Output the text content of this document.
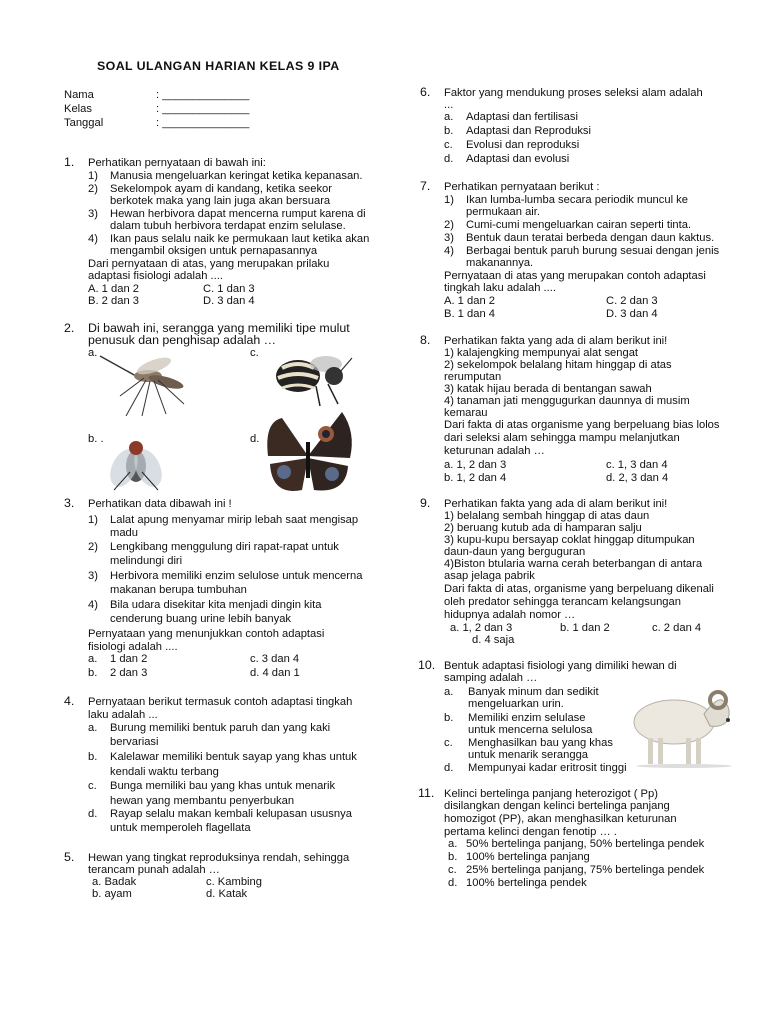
SOAL ULANGAN HARIAN KELAS 9 IPA
Nama	: ______________
Kelas	: ______________
Tanggal	: ______________
1. Perhatikan pernyataan di bawah ini:
1) Manusia mengeluarkan keringat ketika kepanasan.
2) Sekelompok ayam di kandang, ketika seekor
berkotek maka yang lain juga akan bersuara
3) Hewan herbivora dapat mencerna rumput karena di
dalam tubuh herbivora terdapat enzim selulase.
4) Ikan paus selalu naik ke permukaan laut ketika akan
mengambil oksigen untuk pernapasannya
Dari pernyataan di atas, yang merupakan prilaku
adaptasi fisiologi adalah ....
A. 1 dan 2	C. 1 dan 3
B. 2 dan 3	D. 3 dan 4
2. Di bawah ini, serangga yang memiliki tipe mulut
penusuk dan penghisap adalah …
a.	c.
b. .	d.
3. Perhatikan data dibawah ini !
1) Lalat apung menyamar mirip lebah saat mengisap
madu
2) Lengkibang menggulung diri rapat-rapat untuk
melindungi diri
3) Herbivora memiliki enzim selulose untuk mencerna
makanan berupa tumbuhan
4) Bila udara disekitar kita menjadi dingin kita
cenderung buang urine lebih banyak
Pernyataan yang menunjukkan contoh adaptasi
fisiologi adalah ....
a. 1 dan 2	c. 3 dan 4
b. 2 dan 3	d. 4 dan 1
4. Pernyataan berikut termasuk contoh adaptasi tingkah
laku adalah ...
a. Burung memiliki bentuk paruh dan yang kaki
bervariasi
b. Kalelawar memiliki bentuk sayap yang khas untuk
kendali waktu terbang
c. Bunga memiliki bau yang khas untuk menarik
hewan yang membantu penyerbukan
d. Rayap selalu makan kembali kelupasan ususnya
untuk memperoleh flagellata
5. Hewan yang tingkat reproduksinya rendah, sehingga
terancam punah adalah …
a. Badak	c. Kambing
b. ayam	d. Katak
6. Faktor yang mendukung proses seleksi alam adalah
...
a. Adaptasi dan fertilisasi
b. Adaptasi dan Reproduksi
c. Evolusi dan reproduksi
d. Adaptasi dan evolusi
7. Perhatikan pernyataan berikut :
1) Ikan lumba-lumba secara periodik muncul ke
permukaan air.
2) Cumi-cumi mengeluarkan cairan seperti tinta.
3) Bentuk daun teratai berbeda dengan daun kaktus.
4) Berbagai bentuk paruh burung sesuai dengan jenis
makanannya.
Pernyataan di atas yang merupakan contoh adaptasi
tingkah laku adalah ....
A. 1 dan 2	C. 2 dan 3
B. 1 dan 4	D. 3 dan 4
8. Perhatikan fakta yang ada di alam berikut ini!
1) kalajengking mempunyai alat sengat
2) sekelompok belalang hitam hinggap di atas
rerumputan
3) katak hijau berada di bentangan sawah
4) tanaman jati menggugurkan daunnya di musim
kemarau
Dari fakta di atas organisme yang berpeluang bias lolos
dari seleksi alam sehingga mampu melanjutkan
keturunan adalah …
a. 1, 2 dan 3	c. 1, 3 dan 4
b. 1, 2 dan 4	d. 2, 3 dan 4
9. Perhatikan fakta yang ada di alam berikut ini!
1) belalang sembah hinggap di atas daun
2) beruang kutub ada di hamparan salju
3) kupu-kupu bersayap coklat hinggap ditumpukan
daun-daun yang berguguran
4)Biston btularia warna cerah beterbangan di antara
asap jelaga pabrik
Dari fakta di atas, organisme yang berpeluang dikenali
oleh predator sehingga terancam kelangsungan
hidupnya adalah nomor …
a. 1, 2 dan 3	b. 1 dan 2	c. 2 dan 4
d. 4 saja
10. Bentuk adaptasi fisiologi yang dimiliki hewan di
samping adalah …
a. Banyak minum dan sedikit
mengeluarkan urin.
b. Memiliki enzim selulase
untuk mencerna selulosa
c. Menghasilkan bau yang khas
untuk menarik serangga
d. Mempunyai kadar eritrosit tinggi
11. Kelinci bertelinga panjang heterozigot ( Pp)
disilangkan dengan kelinci bertelinga panjang
homozigot (PP), akan menghasilkan keturunan
pertama kelinci dengan fenotip … .
a. 50% bertelinga panjang, 50% bertelinga pendek
b. 100% bertelinga panjang
c. 25% bertelinga panjang, 75% bertelinga pendek
d. 100% bertelinga pendek
